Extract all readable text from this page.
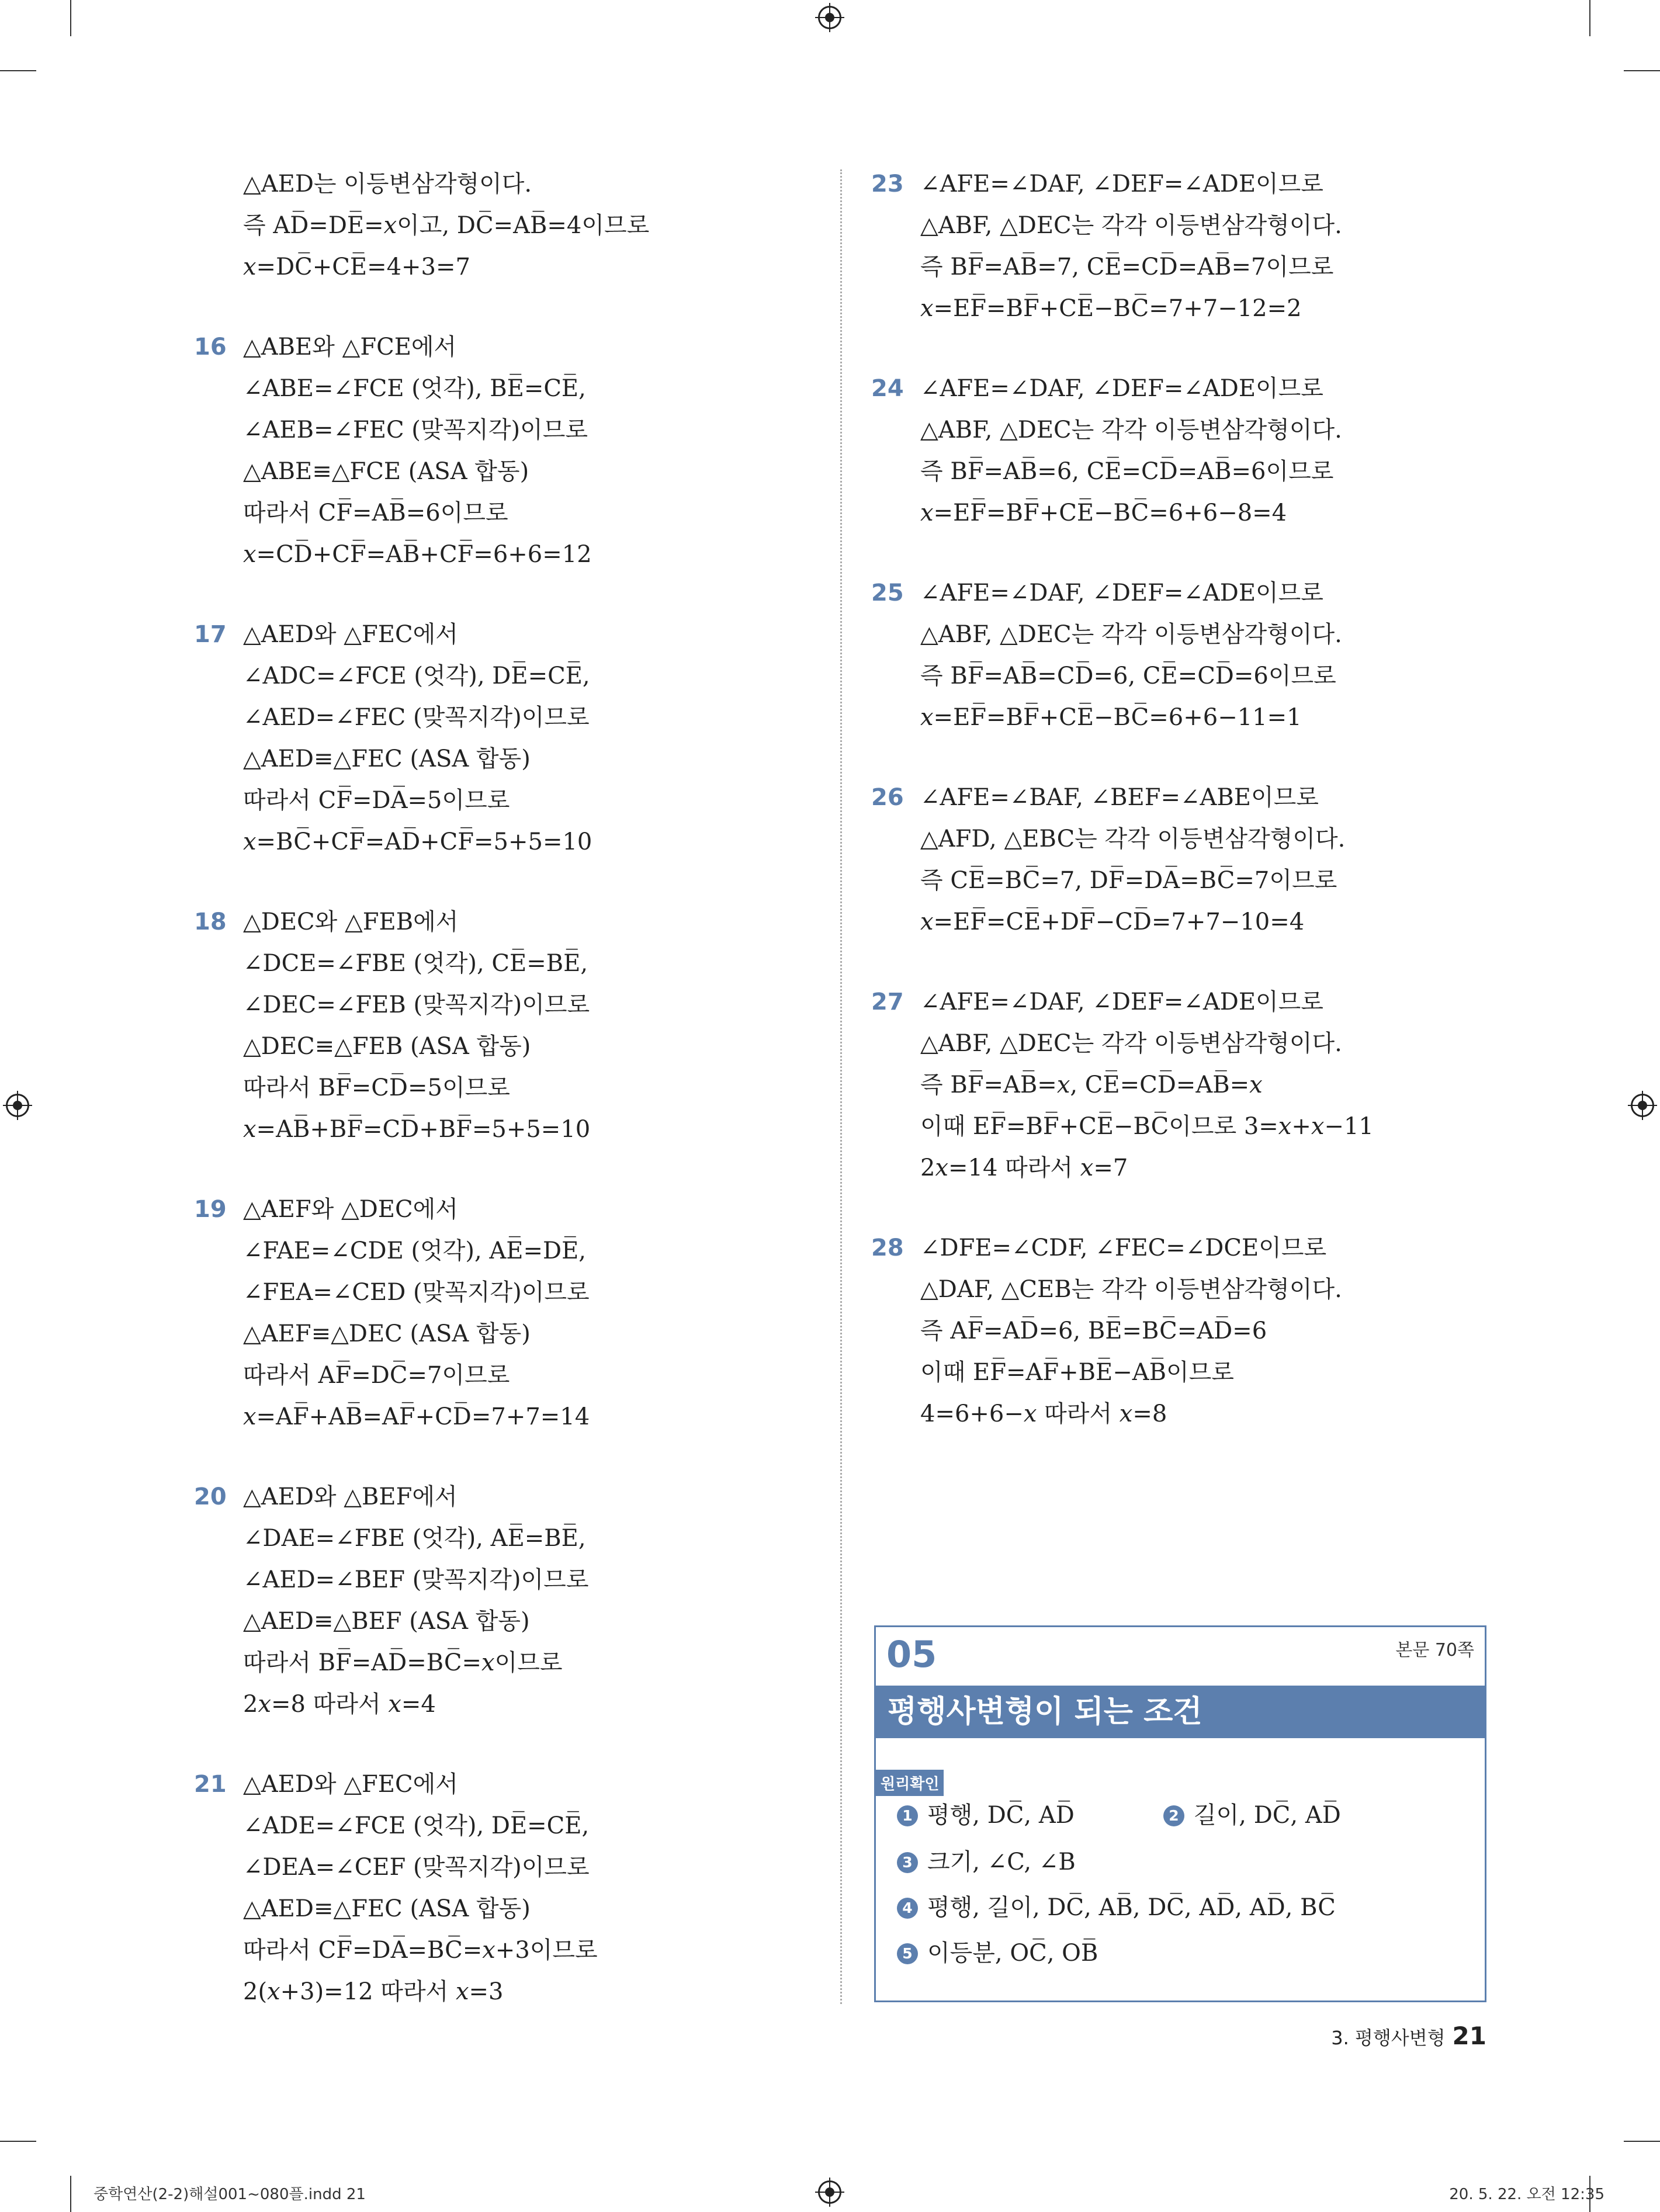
△AED는 이등변삼각형이다.
즉 AD̅=DE̅=𝑥이고, DC̅=AB̅=4이므로
𝑥=DC̅+CE̅=4+3=7
16 △ABE와 △FCE에서
∠ABE=∠FCE (엇각), BE̅=CE̅,
∠AEB=∠FEC (맞꼭지각)이므로
△ABE≡△FCE (ASA 합동)
따라서 CF̅=AB̅=6이므로
𝑥=CD̅+CF̅=AB̅+CF̅=6+6=12
17 △AED와 △FEC에서
∠ADC=∠FCE (엇각), DE̅=CE̅,
∠AED=∠FEC (맞꼭지각)이므로
△AED≡△FEC (ASA 합동)
따라서 CF̅=DA̅=5이므로
𝑥=BC̅+CF̅=AD̅+CF̅=5+5=10
18 △DEC와 △FEB에서
∠DCE=∠FBE (엇각), CE̅=BE̅,
∠DEC=∠FEB (맞꼭지각)이므로
△DEC≡△FEB (ASA 합동)
따라서 BF̅=CD̅=5이므로
𝑥=AB̅+BF̅=CD̅+BF̅=5+5=10
19 △AEF와 △DEC에서
∠FAE=∠CDE (엇각), AE̅=DE̅,
∠FEA=∠CED (맞꼭지각)이므로
△AEF≡△DEC (ASA 합동)
따라서 AF̅=DC̅=7이므로
𝑥=AF̅+AB̅=AF̅+CD̅=7+7=14
20 △AED와 △BEF에서
∠DAE=∠FBE (엇각), AE̅=BE̅,
∠AED=∠BEF (맞꼭지각)이므로
△AED≡△BEF (ASA 합동)
따라서 BF̅=AD̅=BC̅=𝑥이므로
2𝑥=8 따라서 𝑥=4
21 △AED와 △FEC에서
∠ADE=∠FCE (엇각), DE̅=CE̅,
∠DEA=∠CEF (맞꼭지각)이므로
△AED≡△FEC (ASA 합동)
따라서 CF̅=DA̅=BC̅=𝑥+3이므로
2(𝑥+3)=12 따라서 𝑥=3
23 ∠AFE=∠DAF, ∠DEF=∠ADE이므로
△ABF, △DEC는 각각 이등변삼각형이다.
즉 BF̅=AB̅=7, CE̅=CD̅=AB̅=7이므로
𝑥=EF̅=BF̅+CE̅−BC̅=7+7−12=2
24 ∠AFE=∠DAF, ∠DEF=∠ADE이므로
△ABF, △DEC는 각각 이등변삼각형이다.
즉 BF̅=AB̅=6, CE̅=CD̅=AB̅=6이므로
𝑥=EF̅=BF̅+CE̅−BC̅=6+6−8=4
25 ∠AFE=∠DAF, ∠DEF=∠ADE이므로
△ABF, △DEC는 각각 이등변삼각형이다.
즉 BF̅=AB̅=CD̅=6, CE̅=CD̅=6이므로
𝑥=EF̅=BF̅+CE̅−BC̅=6+6−11=1
26 ∠AFE=∠BAF, ∠BEF=∠ABE이므로
△AFD, △EBC는 각각 이등변삼각형이다.
즉 CE̅=BC̅=7, DF̅=DA̅=BC̅=7이므로
𝑥=EF̅=CE̅+DF̅−CD̅=7+7−10=4
27 ∠AFE=∠DAF, ∠DEF=∠ADE이므로
△ABF, △DEC는 각각 이등변삼각형이다.
즉 BF̅=AB̅=𝑥, CE̅=CD̅=AB̅=𝑥
이때 EF̅=BF̅+CE̅−BC̅이므로 3=𝑥+𝑥−11
2𝑥=14 따라서 𝑥=7
28 ∠DFE=∠CDF, ∠FEC=∠DCE이므로
△DAF, △CEB는 각각 이등변삼각형이다.
즉 AF̅=AD̅=6, BE̅=BC̅=AD̅=6
이때 EF̅=AF̅+BE̅−AB̅이므로
4=6+6−𝑥 따라서 𝑥=8
05	본문 70쪽
평행사변형이 되는 조건
원리확인
1 평행, DC̅, AD̅	2 길이, DC̅, AD̅
3 크기, ∠C, ∠B
4 평행, 길이, DC̅, AB̅, DC̅, AD̅, AD̅, BC̅
5 이등분, OC̅, OB̅
3. 평행사변형 21
중학연산(2-2)해설001~080플.indd 21	20. 5. 22. 오전 12:35
